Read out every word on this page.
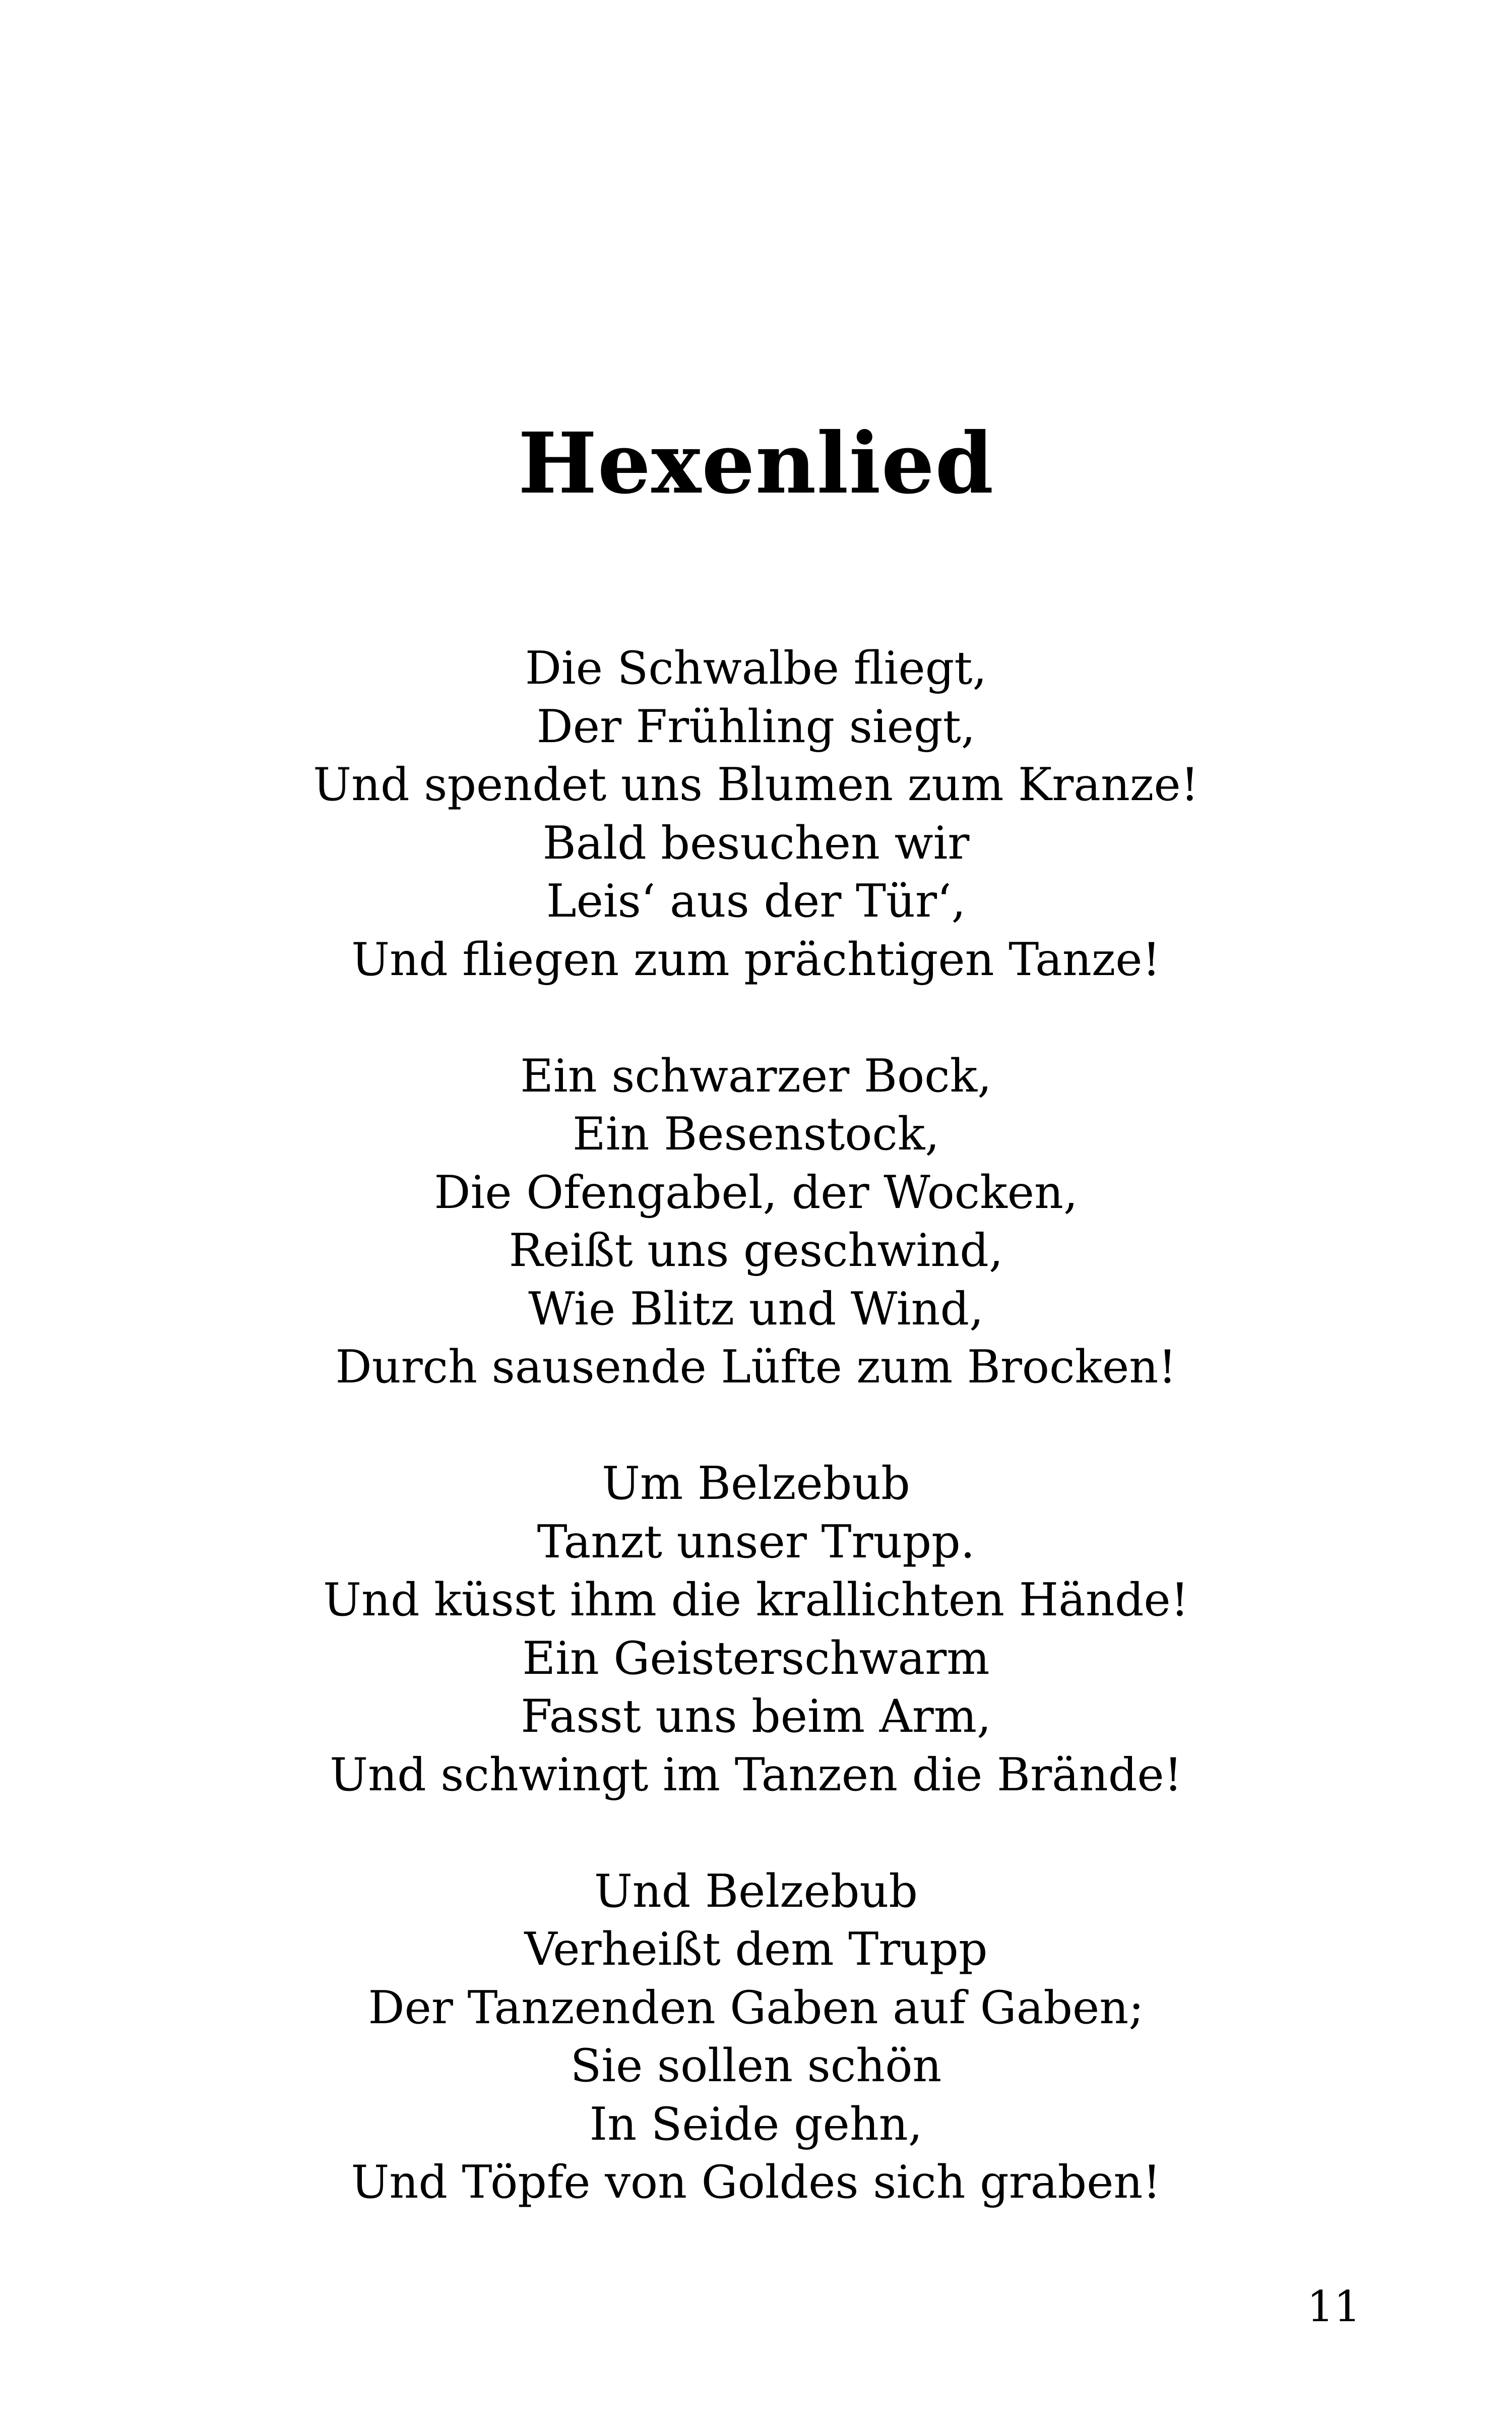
Hexenlied
Die Schwalbe fliegt,
Der Frühling siegt,
Und spendet uns Blumen zum Kranze!
Bald besuchen wir
Leis‘ aus der Tür‘,
Und fliegen zum prächtigen Tanze!
Ein schwarzer Bock,
Ein Besenstock,
Die Ofengabel, der Wocken,
Reißt uns geschwind,
Wie Blitz und Wind,
Durch sausende Lüfte zum Brocken!
Um Belzebub
Tanzt unser Trupp.
Und küsst ihm die krallichten Hände!
Ein Geisterschwarm
Fasst uns beim Arm,
Und schwingt im Tanzen die Brände!
Und Belzebub
Verheißt dem Trupp
Der Tanzenden Gaben auf Gaben;
Sie sollen schön
In Seide gehn,
Und Töpfe von Goldes sich graben!
11
